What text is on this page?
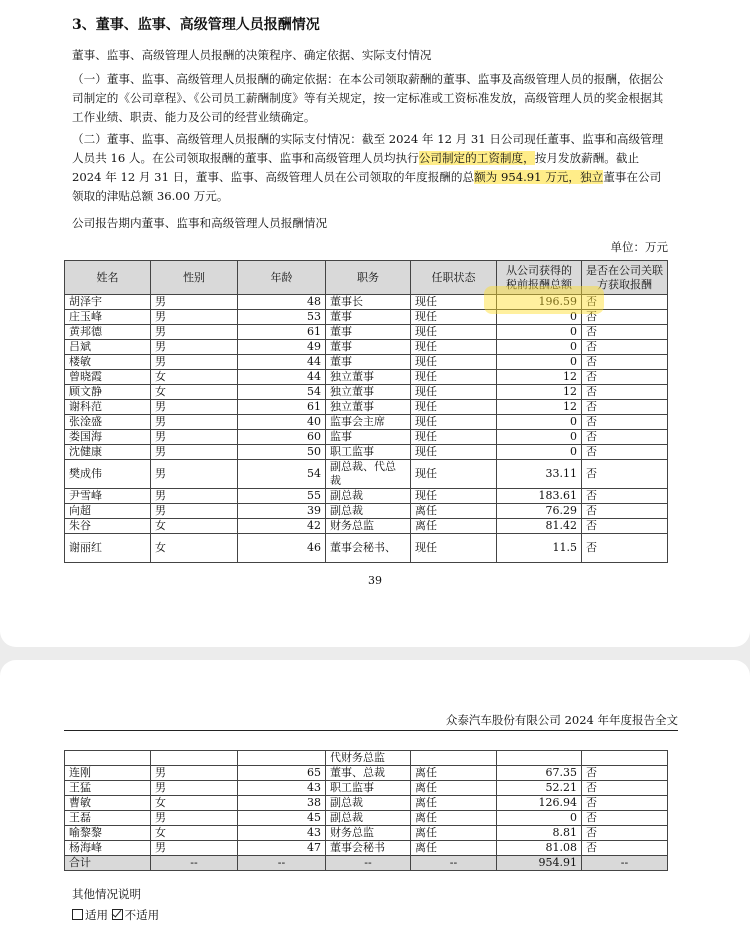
3、董事、监事、高级管理人员报酬情况
董事、监事、高级管理人员报酬的决策程序、确定依据、实际支付情况
（一）董事、监事、高级管理人员报酬的确定依据：在本公司领取薪酬的董事、监事及高级管理人员的报酬，依据公司制定的《公司章程》、《公司员工薪酬制度》等有关规定，按一定标准或工资标准发放，高级管理人员的奖金根据其工作业绩、职责、能力及公司的经营业绩确定。
（二）董事、监事、高级管理人员报酬的实际支付情况：截至 2024 年 12 月 31 日公司现任董事、监事和高级管理人员共 16 人。在公司领取报酬的董事、监事和高级管理人员均执行公司制定的工资制度，按月发放薪酬。截止 2024 年 12 月 31 日，董事、监事、高级管理人员在公司领取的年度报酬的总额为 954.91 万元，独立董事在公司领取的津贴总额 36.00 万元。
公司报告期内董事、监事和高级管理人员报酬情况
单位：万元
姓名	性别	年龄	职务	任职状态	从公司获得的税前报酬总额	是否在公司关联方获取报酬
胡泽宇	男	48	董事长	现任	196.59	否
庄玉峰	男	53	董事	现任	0	否
黄邦德	男	61	董事	现任	0	否
吕斌	男	49	董事	现任	0	否
楼敏	男	44	董事	现任	0	否
曾晓霞	女	44	独立董事	现任	12	否
顾文静	女	54	独立董事	现任	12	否
谢科范	男	61	独立董事	现任	12	否
张淦盛	男	40	监事会主席	现任	0	否
娄国海	男	60	监事	现任	0	否
沈健康	男	50	职工监事	现任	0	否
樊成伟	男	54	副总裁、代总裁	现任	33.11	否
尹雪峰	男	55	副总裁	现任	183.61	否
向超	男	39	副总裁	离任	76.29	否
朱谷	女	42	财务总监	离任	81.42	否
谢丽红	女	46	董事会秘书、	现任	11.5	否
39
众泰汽车股份有限公司 2024 年年度报告全文
			代财务总监			
连刚	男	65	董事、总裁	离任	67.35	否
王猛	男	43	职工监事	离任	52.21	否
曹敏	女	38	副总裁	离任	126.94	否
王磊	男	45	副总裁	离任	0	否
喻黎黎	女	43	财务总监	离任	8.81	否
杨海峰	男	47	董事会秘书	离任	81.08	否
合计	--	--	--	--	954.91	--
其他情况说明
适用 不适用
